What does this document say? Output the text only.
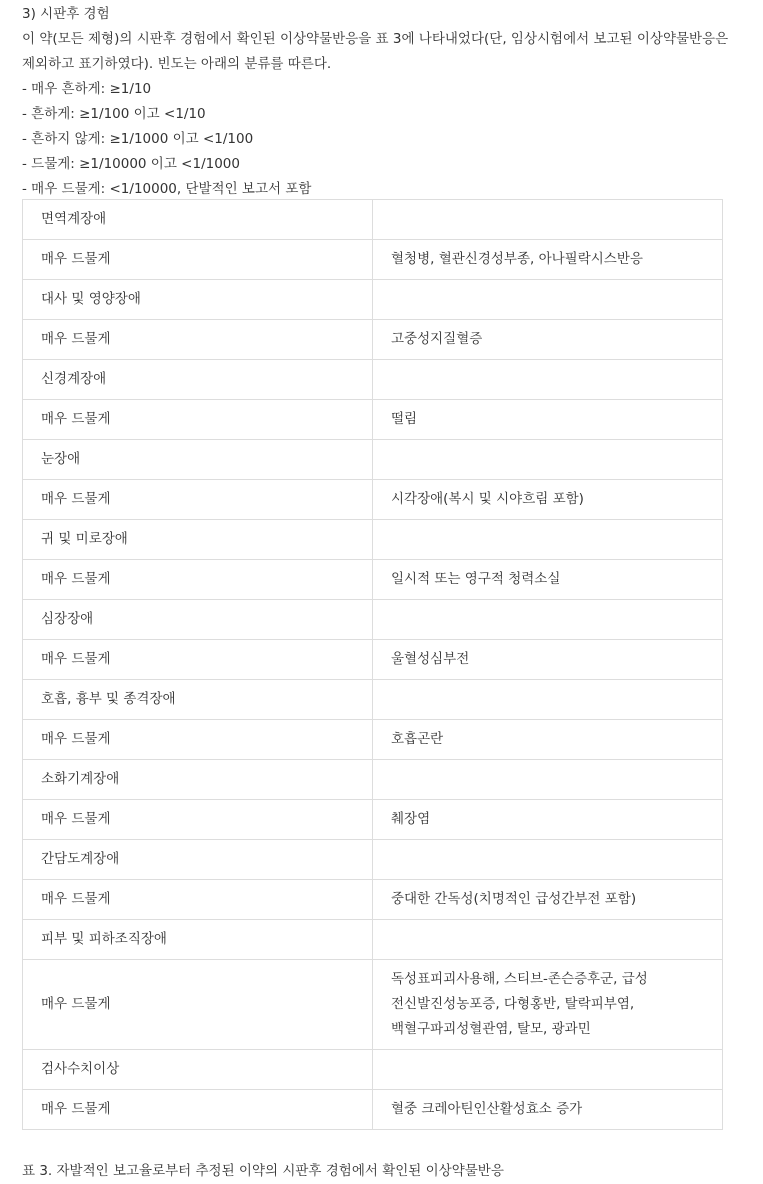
3) 시판후 경험
이 약(모든 제형)의 시판후 경험에서 확인된 이상약물반응을 표 3에 나타내었다(단, 임상시험에서 보고된 이상약물반응은 제외하고 표기하였다). 빈도는 아래의 분류를 따른다.
- 매우 흔하게: ≥1/10
- 흔하게: ≥1/100 이고 <1/10
- 흔하지 않게: ≥1/1000 이고 <1/100
- 드물게: ≥1/10000 이고 <1/1000
- 매우 드물게: <1/10000, 단발적인 보고서 포함
면역계장애	
매우 드물게	혈청병, 혈관신경성부종, 아나필락시스반응
대사 및 영양장애	
매우 드물게	고중성지질혈증
신경계장애	
매우 드물게	떨림
눈장애	
매우 드물게	시각장애(복시 및 시야흐림 포함)
귀 및 미로장애	
매우 드물게	일시적 또는 영구적 청력소실
심장장애	
매우 드물게	울혈성심부전
호흡, 흉부 및 종격장애	
매우 드물게	호흡곤란
소화기계장애	
매우 드물게	췌장염
간담도계장애	
매우 드물게	중대한 간독성(치명적인 급성간부전 포함)
피부 및 피하조직장애	
매우 드물게	독성표피괴사용해, 스티브-존슨증후군, 급성 전신발진성농포증, 다형홍반, 탈락피부염, 백혈구파괴성혈관염, 탈모, 광과민
검사수치이상	
매우 드물게	혈중 크레아틴인산활성효소 증가
표 3. 자발적인 보고율로부터 추정된 이약의 시판후 경험에서 확인된 이상약물반응
